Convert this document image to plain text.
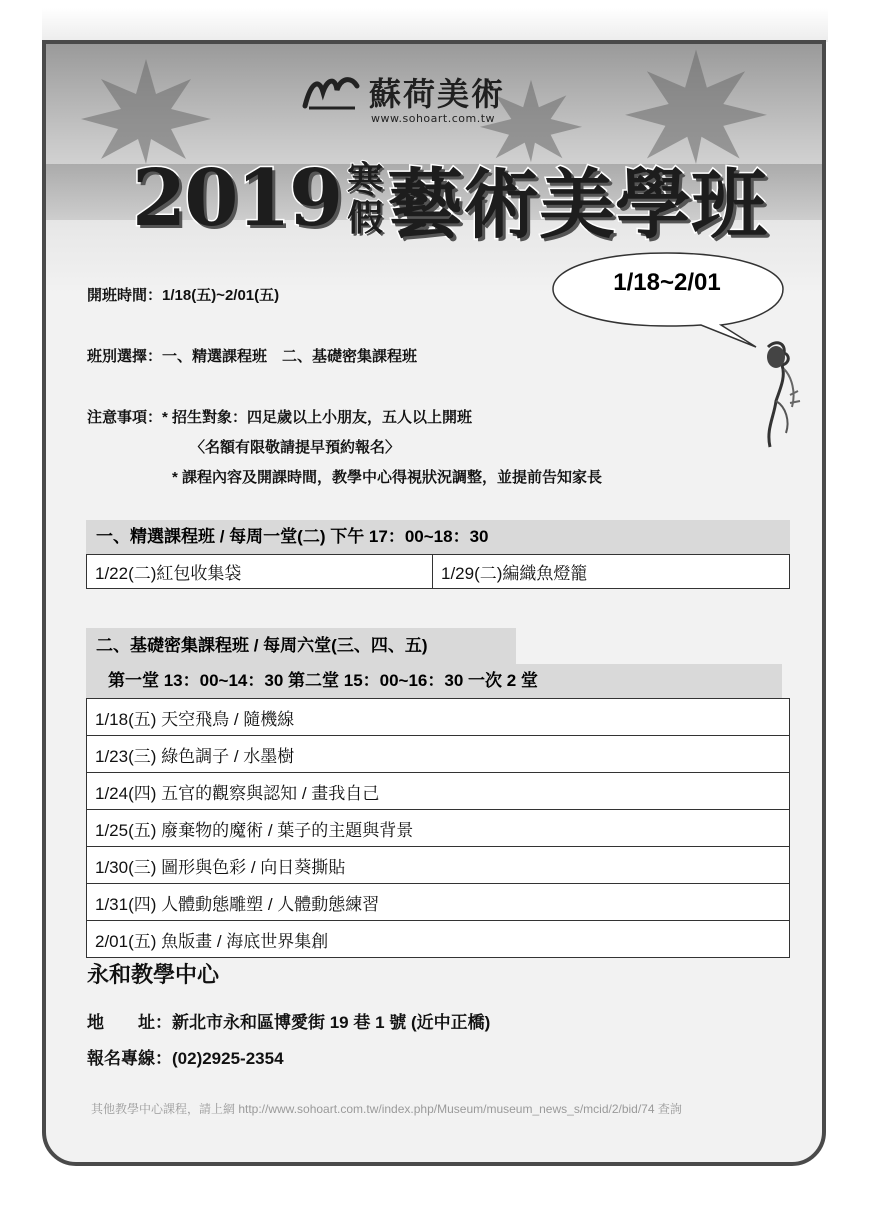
蘇荷美術
www.sohoart.com.tw
2019 寒
假 藝術美學班
1/18~2/01
開班時間：1/18(五)~2/01(五)
班別選擇：一、精選課程班　二、基礎密集課程班
注意事項：* 招生對象：四足歲以上小朋友，五人以上開班
〈名額有限敬請提早預約報名〉
* 課程內容及開課時間，教學中心得視狀況調整，並提前告知家長
一、精選課程班 / 每周一堂(二) 下午 17：00~18：30
1/22(二)紅包收集袋	1/29(二)編織魚燈籠
二、基礎密集課程班 / 每周六堂(三、四、五)
第一堂 13：00~14：30 第二堂 15：00~16：30 一次 2 堂
1/18(五) 天空飛鳥 / 隨機線
1/23(三) 綠色調子 / 水墨樹
1/24(四) 五官的觀察與認知 / 畫我自己
1/25(五) 廢棄物的魔術 / 葉子的主題與背景
1/30(三) 圖形與色彩 / 向日葵撕貼
1/31(四) 人體動態雕塑 / 人體動態練習
2/01(五) 魚版畫 / 海底世界集創
永和教學中心
地　　址：新北市永和區博愛街 19 巷 1 號 (近中正橋)
報名專線：(02)2925-2354
其他教學中心課程，請上網 http://www.sohoart.com.tw/index.php/Museum/museum_news_s/mcid/2/bid/74 查詢
